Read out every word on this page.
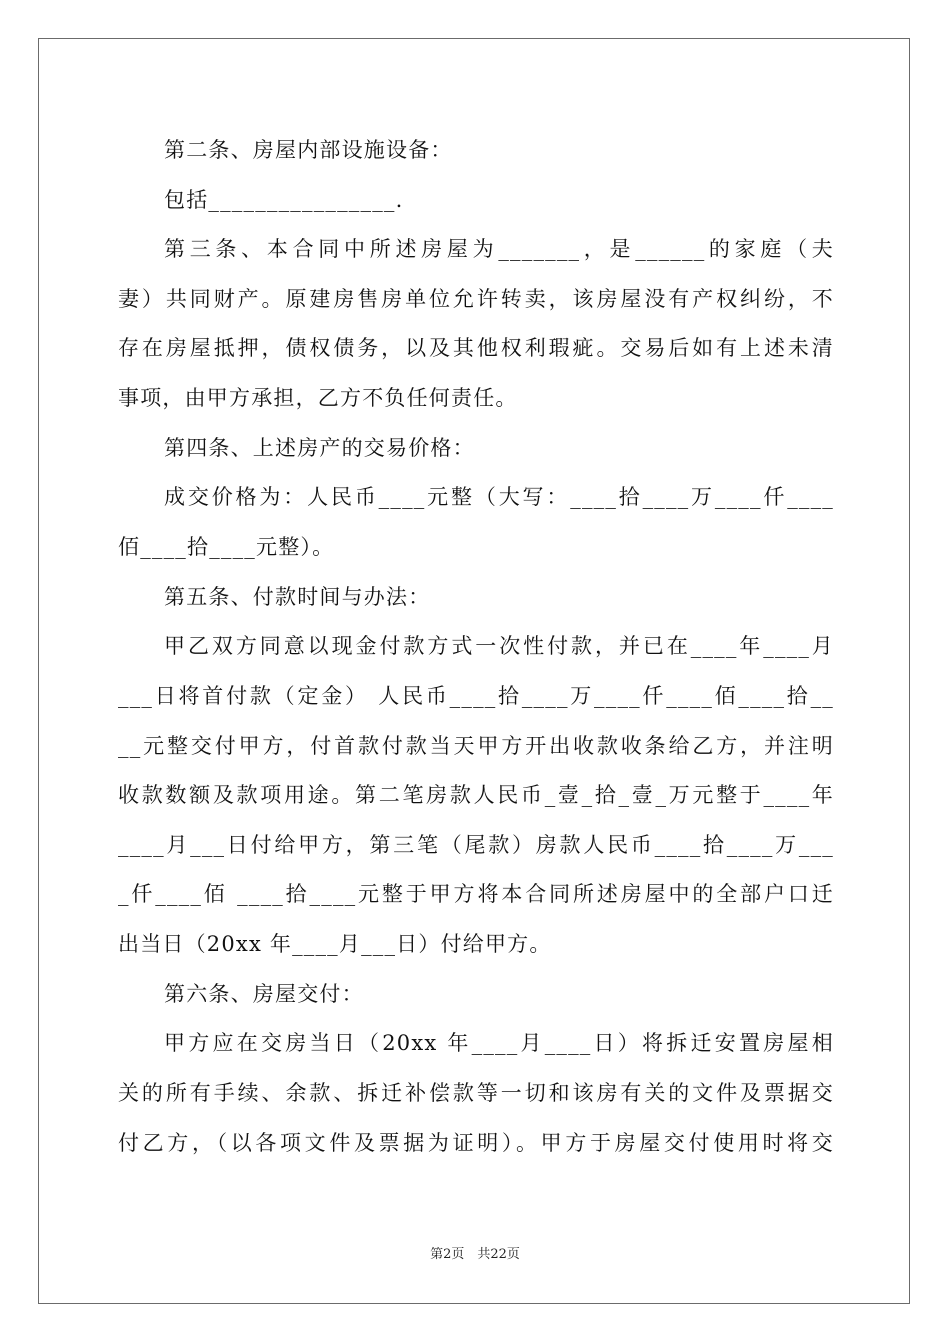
第二条、房屋内部设施设备：
包括________________.
第三条、本合同中所述房屋为_______，是______的家庭（夫
妻）共同财产。原建房售房单位允许转卖，该房屋没有产权纠纷，不
存在房屋抵押，债权债务，以及其他权利瑕疵。交易后如有上述未清
事项，由甲方承担，乙方不负任何责任。
第四条、上述房产的交易价格：
成交价格为：人民币____元整（大写：____拾____万____仟____
佰____拾____元整）。
第五条、付款时间与办法：
甲乙双方同意以现金付款方式一次性付款，并已在____年____月
___日将首付款（定金） 人民币____拾____万____仟____佰____拾__
__元整交付甲方，付首款付款当天甲方开出收款收条给乙方，并注明
收款数额及款项用途。第二笔房款人民币_壹_拾_壹_万元整于____年
____月___日付给甲方，第三笔（尾款）房款人民币____拾____万___
_仟____佰 ____拾____元整于甲方将本合同所述房屋中的全部户口迁
出当日（20xx 年____月___日）付给甲方。
第六条、房屋交付：
甲方应在交房当日（20xx 年____月____日）将拆迁安置房屋相
关的所有手续、余款、拆迁补偿款等一切和该房有关的文件及票据交
付乙方，（以各项文件及票据为证明）。甲方于房屋交付使用时将交
第2页　共22页
